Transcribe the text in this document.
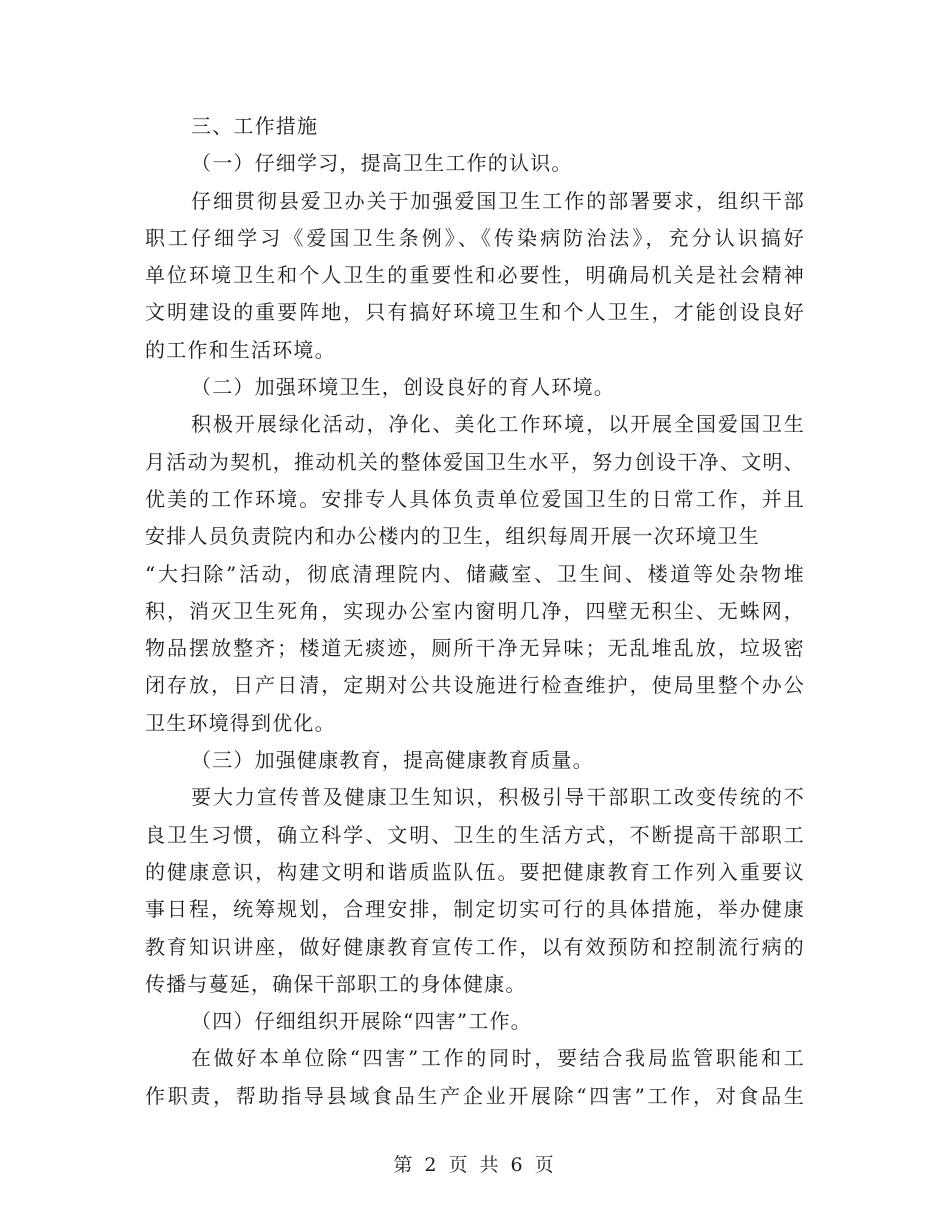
三、工作措施
（一）仔细学习，提高卫生工作的认识。
仔细贯彻县爱卫办关于加强爱国卫生工作的部署要求，组织干部
职工仔细学习《爱国卫生条例》、《传染病防治法》，充分认识搞好
单位环境卫生和个人卫生的重要性和必要性，明确局机关是社会精神
文明建设的重要阵地，只有搞好环境卫生和个人卫生，才能创设良好
的工作和生活环境。
（二）加强环境卫生，创设良好的育人环境。
积极开展绿化活动，净化、美化工作环境，以开展全国爱国卫生
月活动为契机，推动机关的整体爱国卫生水平，努力创设干净、文明、
优美的工作环境。安排专人具体负责单位爱国卫生的日常工作，并且
安排人员负责院内和办公楼内的卫生，组织每周开展一次环境卫生
“大扫除”活动，彻底清理院内、储藏室、卫生间、楼道等处杂物堆
积，消灭卫生死角，实现办公室内窗明几净，四壁无积尘、无蛛网，
物品摆放整齐；楼道无痰迹，厕所干净无异味；无乱堆乱放，垃圾密
闭存放，日产日清，定期对公共设施进行检查维护，使局里整个办公
卫生环境得到优化。
（三）加强健康教育，提高健康教育质量。
要大力宣传普及健康卫生知识，积极引导干部职工改变传统的不
良卫生习惯，确立科学、文明、卫生的生活方式，不断提高干部职工
的健康意识，构建文明和谐质监队伍。要把健康教育工作列入重要议
事日程，统筹规划，合理安排，制定切实可行的具体措施，举办健康
教育知识讲座，做好健康教育宣传工作，以有效预防和控制流行病的
传播与蔓延，确保干部职工的身体健康。
（四）仔细组织开展除“四害”工作。
在做好本单位除“四害”工作的同时，要结合我局监管职能和工
作职责，帮助指导县域食品生产企业开展除“四害”工作，对食品生
第 2 页 共 6 页
